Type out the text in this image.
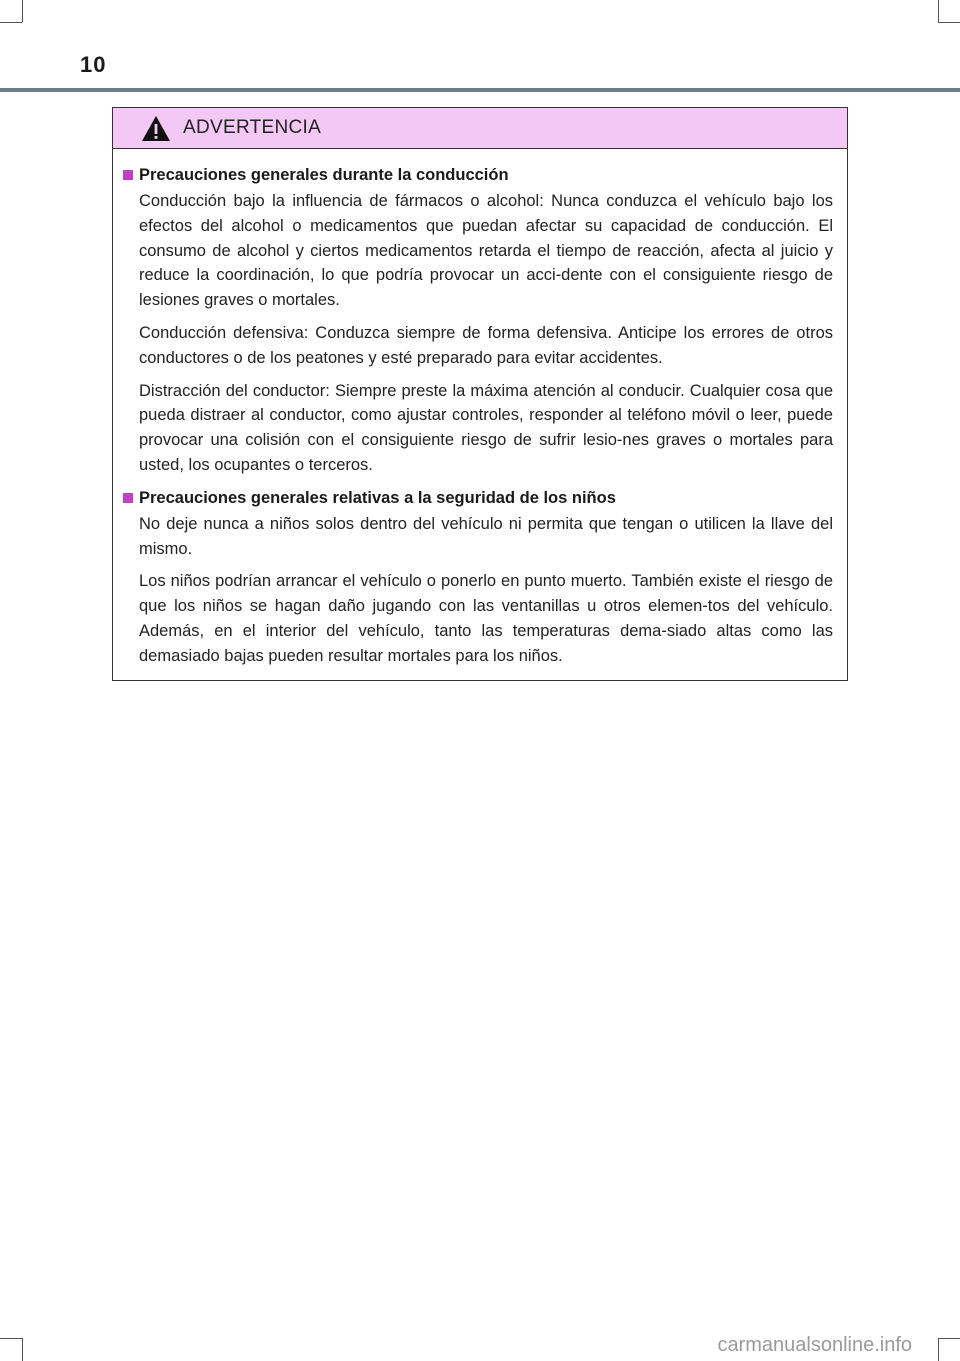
10
ADVERTENCIA
Precauciones generales durante la conducción

Conducción bajo la influencia de fármacos o alcohol: Nunca conduzca el vehículo bajo los efectos del alcohol o medicamentos que puedan afectar su capacidad de conducción. El consumo de alcohol y ciertos medicamentos retarda el tiempo de reacción, afecta al juicio y reduce la coordinación, lo que podría provocar un acci-dente con el consiguiente riesgo de lesiones graves o mortales.

Conducción defensiva: Conduzca siempre de forma defensiva. Anticipe los errores de otros conductores o de los peatones y esté preparado para evitar accidentes.

Distracción del conductor: Siempre preste la máxima atención al conducir. Cualquier cosa que pueda distraer al conductor, como ajustar controles, responder al teléfono móvil o leer, puede provocar una colisión con el consiguiente riesgo de sufrir lesio-nes graves o mortales para usted, los ocupantes o terceros.

Precauciones generales relativas a la seguridad de los niños

No deje nunca a niños solos dentro del vehículo ni permita que tengan o utilicen la llave del mismo.

Los niños podrían arrancar el vehículo o ponerlo en punto muerto. También existe el riesgo de que los niños se hagan daño jugando con las ventanillas u otros elemen-tos del vehículo. Además, en el interior del vehículo, tanto las temperaturas dema-siado altas como las demasiado bajas pueden resultar mortales para los niños.

carmanualsonline.info
